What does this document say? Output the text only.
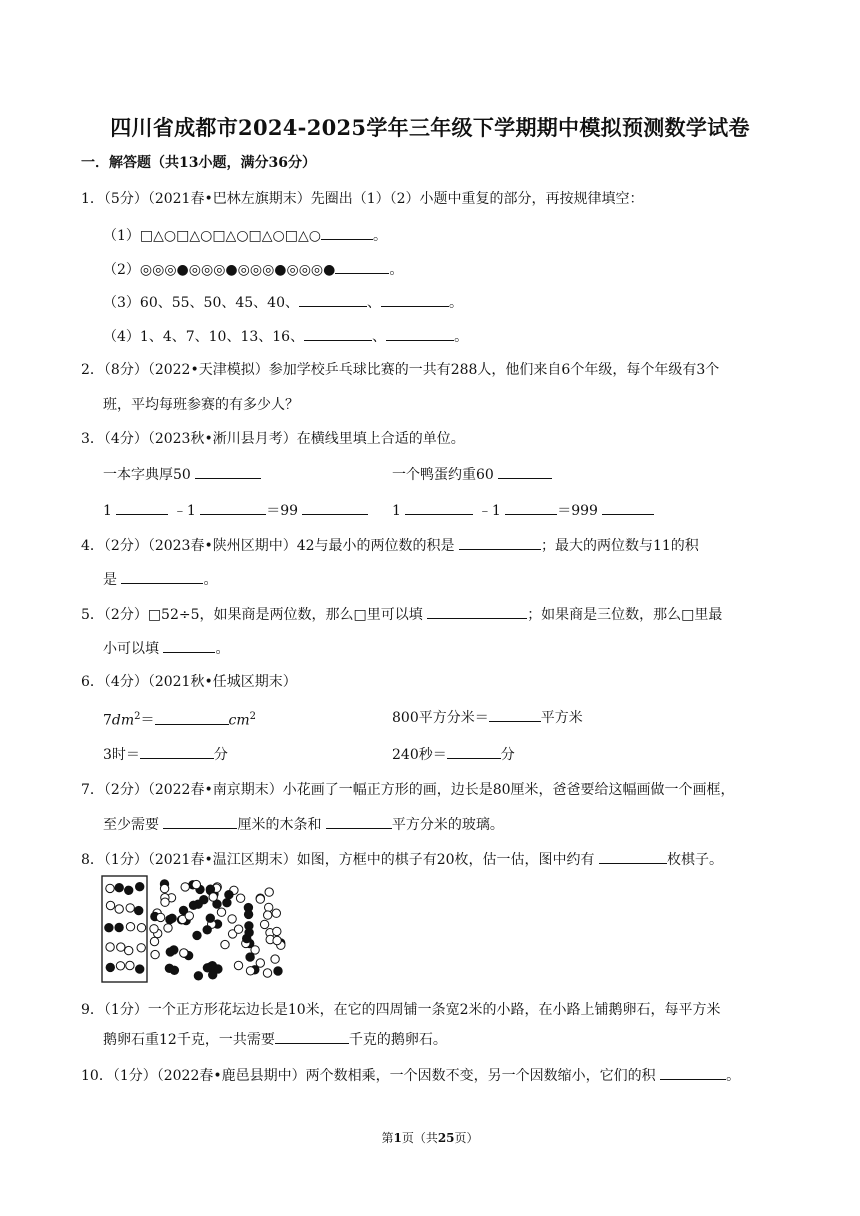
四川省成都市2024-2025学年三年级下学期期中模拟预测数学试卷
一．解答题（共13小题，满分36分）
1．（5分）（2021春•巴林左旗期末）先圈出（1）（2）小题中重复的部分，再按规律填空：
（1）□△○□△○□△○□△○□△○	。
（2）◎◎◎●◎◎◎●◎◎◎●◎◎◎●	。
（3）60、55、50、45、40、	、	。
（4）1、4、7、10、13、16、	、	。
2．（8分）（2022•天津模拟）参加学校乒乓球比赛的一共有288人，他们来自6个年级，每个年级有3个
班，平均每班参赛的有多少人？
3．（4分）（2023秋•淅川县月考）在横线里填上合适的单位。
一本字典厚50	一个鸭蛋约重60
1	﹣1	＝99	1	﹣1	＝999
4．（2分）（2023春•陕州区期中）42与最小的两位数的积是	；最大的两位数与11的积
是	。
5．（2分）□52÷5，如果商是两位数，那么□里可以填	；如果商是三位数，那么□里最
小可以填	。
6．（4分）（2021秋•任城区期末）
$7dm^2=$	$cm^2$	800平方分米＝	平方米
3时＝	分	240秒＝	分
7．（2分）（2022春•南京期末）小花画了一幅正方形的画，边长是80厘米，爸爸要给这幅画做一个画框，
至少需要	厘米的木条和	平方分米的玻璃。
8．（1分）（2021春•温江区期末）如图，方框中的棋子有20枚，估一估，图中约有	枚棋子。
9．（1分）一个正方形花坛边长是10米，在它的四周铺一条宽2米的小路，在小路上铺鹅卵石，每平方米
鹅卵石重12千克，一共需要	千克的鹅卵石。
10．（1分）（2022春•鹿邑县期中）两个数相乘，一个因数不变，另一个因数缩小，它们的积	。
第1页（共25页）
